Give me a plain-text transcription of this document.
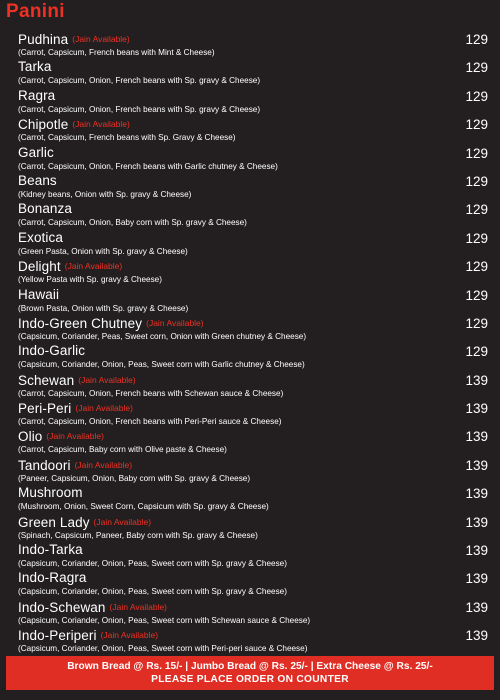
Panini
Pudhina (Jain Available)
(Carrot, Capsicum, French beans with Mint & Cheese)
129
Tarka
(Carrot, Capsicum, Onion, French beans with Sp. gravy & Cheese)
129
Ragra
(Carrot, Capsicum, Onion, French beans with Sp. gravy & Cheese)
129
Chipotle (Jain Available)
(Carrot, Capsicum, French beans with Sp. Gravy & Cheese)
129
Garlic
(Carrot, Capsicum, Onion, French beans with Garlic chutney & Cheese)
129
Beans
(Kidney beans, Onion with Sp. gravy & Cheese)
129
Bonanza
(Carrot, Capsicum, Onion, Baby corn with Sp. gravy & Cheese)
129
Exotica
(Green Pasta, Onion with Sp. gravy & Cheese)
129
Delight (Jain Available)
(Yellow Pasta with Sp. gravy & Cheese)
129
Hawaii
(Brown Pasta, Onion with Sp. gravy & Cheese)
129
Indo-Green Chutney (Jain Available)
(Capsicum, Coriander, Peas, Sweet corn, Onion with Green chutney & Cheese)
129
Indo-Garlic
(Capsicum, Coriander, Onion, Peas, Sweet corn with Garlic chutney & Cheese)
129
Schewan (Jain Available)
(Carrot, Capsicum, Onion, French beans with Schewan sauce & Cheese)
139
Peri-Peri (Jain Available)
(Carrot, Capsicum, Onion, French beans with Peri-Peri sauce & Cheese)
139
Olio (Jain Available)
(Carrot, Capsicum, Baby corn with Olive paste & Cheese)
139
Tandoori (Jain Available)
(Paneer, Capsicum, Onion, Baby corn with Sp. gravy & Cheese)
139
Mushroom
(Mushroom, Onion, Sweet Corn, Capsicum with Sp. gravy & Cheese)
139
Green Lady (Jain Available)
(Spinach, Capsicum, Paneer, Baby corn with Sp. gravy & Cheese)
139
Indo-Tarka
(Capsicum, Coriander, Onion, Peas, Sweet corn with Sp. gravy & Cheese)
139
Indo-Ragra
(Capsicum, Coriander, Onion, Peas, Sweet corn with Sp. gravy & Cheese)
139
Indo-Schewan (Jain Available)
(Capsicum, Coriander, Onion, Peas, Sweet corn with Schewan sauce & Cheese)
139
Indo-Periperi (Jain Available)
(Capsicum, Coriander, Onion, Peas, Sweet corn with Peri-peri sauce & Cheese)
139
Brown Bread @ Rs. 15/- | Jumbo Bread @ Rs. 25/- | Extra Cheese @ Rs. 25/-
PLEASE PLACE ORDER ON COUNTER
